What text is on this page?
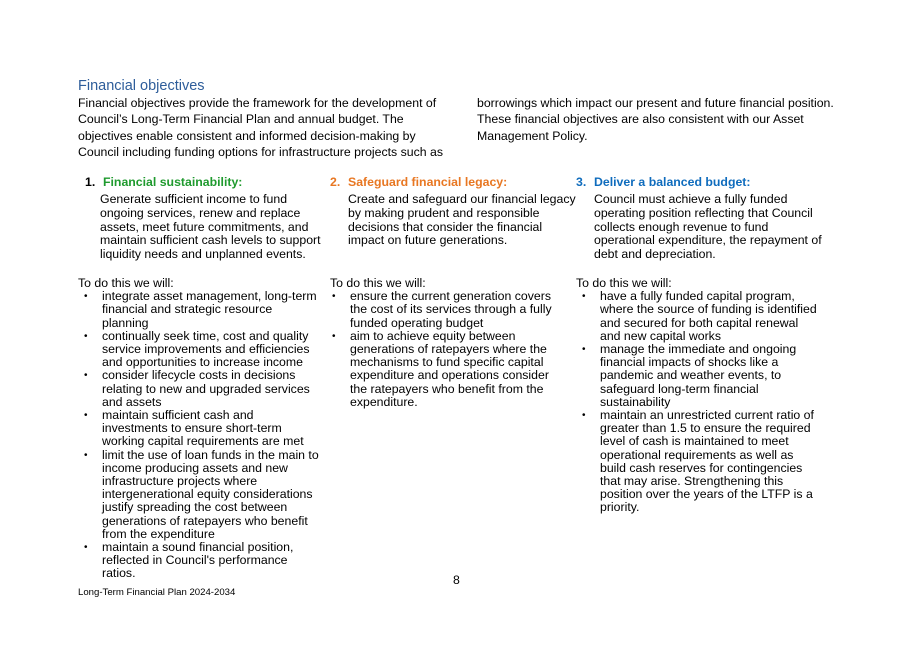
Financial objectives

Financial objectives provide the framework for the development of Council’s Long-Term Financial Plan and annual budget. The objectives enable consistent and informed decision-making by Council including funding options for infrastructure projects such as

borrowings which impact our present and future financial position. These financial objectives are also consistent with our Asset Management Policy.

1. Financial sustainability:

Generate sufficient income to fund ongoing services, renew and replace assets, meet future commitments, and maintain sufficient cash levels to support liquidity needs and unplanned events.

2. Safeguard financial legacy:

Create and safeguard our financial legacy by making prudent and responsible decisions that consider the financial impact on future generations.

3. Deliver a balanced budget:

Council must achieve a fully funded operating position reflecting that Council collects enough revenue to fund operational expenditure, the repayment of debt and depreciation.

To do this we will:

• integrate asset management, long-term financial and strategic resource planning
• continually seek time, cost and quality service improvements and efficiencies and opportunities to increase income
• consider lifecycle costs in decisions relating to new and upgraded services and assets
• maintain sufficient cash and investments to ensure short-term working capital requirements are met
• limit the use of loan funds in the main to income producing assets and new infrastructure projects where intergenerational equity considerations justify spreading the cost between generations of ratepayers who benefit from the expenditure
• maintain a sound financial position, reflected in Council's performance ratios.

To do this we will:

• ensure the current generation covers the cost of its services through a fully funded operating budget
• aim to achieve equity between generations of ratepayers where the mechanisms to fund specific capital expenditure and operations consider the ratepayers who benefit from the expenditure.

To do this we will:

• have a fully funded capital program, where the source of funding is identified and secured for both capital renewal and new capital works
• manage the immediate and ongoing financial impacts of shocks like a pandemic and weather events, to safeguard long-term financial sustainability
• maintain an unrestricted current ratio of greater than 1.5 to ensure the required level of cash is maintained to meet operational requirements as well as build cash reserves for contingencies that may arise. Strengthening this position over the years of the LTFP is a priority.
8
Long-Term Financial Plan 2024-2034
